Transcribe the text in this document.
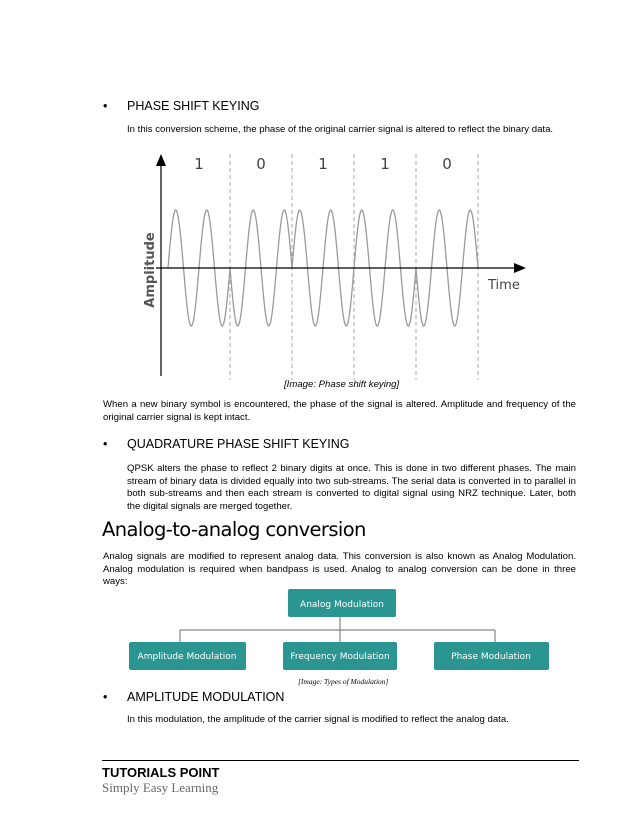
• PHASE SHIFT KEYING
In this conversion scheme, the phase of the original carrier signal is altered to reflect the binary data.
1	0	1	1	0
Amplitude	Time
[Image: Phase shift keying]
When a new binary symbol is encountered, the phase of the signal is altered. Amplitude and frequency of the original carrier signal is kept intact.
• QUADRATURE PHASE SHIFT KEYING
QPSK alters the phase to reflect 2 binary digits at once. This is done in two different phases. The main stream of binary data is divided equally into two sub-streams. The serial data is converted in to parallel in both sub-streams and then each stream is converted to digital signal using NRZ technique. Later, both the digital signals are merged together.
Analog-to-analog conversion
Analog signals are modified to represent analog data. This conversion is also known as Analog Modulation. Analog modulation is required when bandpass is used. Analog to analog conversion can be done in three ways:
Analog Modulation
Amplitude Modulation	Frequency Modulation	Phase Modulation
[Image: Types of Modulation]
• AMPLITUDE MODULATION
In this modulation, the amplitude of the carrier signal is modified to reflect the analog data.
TUTORIALS POINT
Simply Easy Learning
